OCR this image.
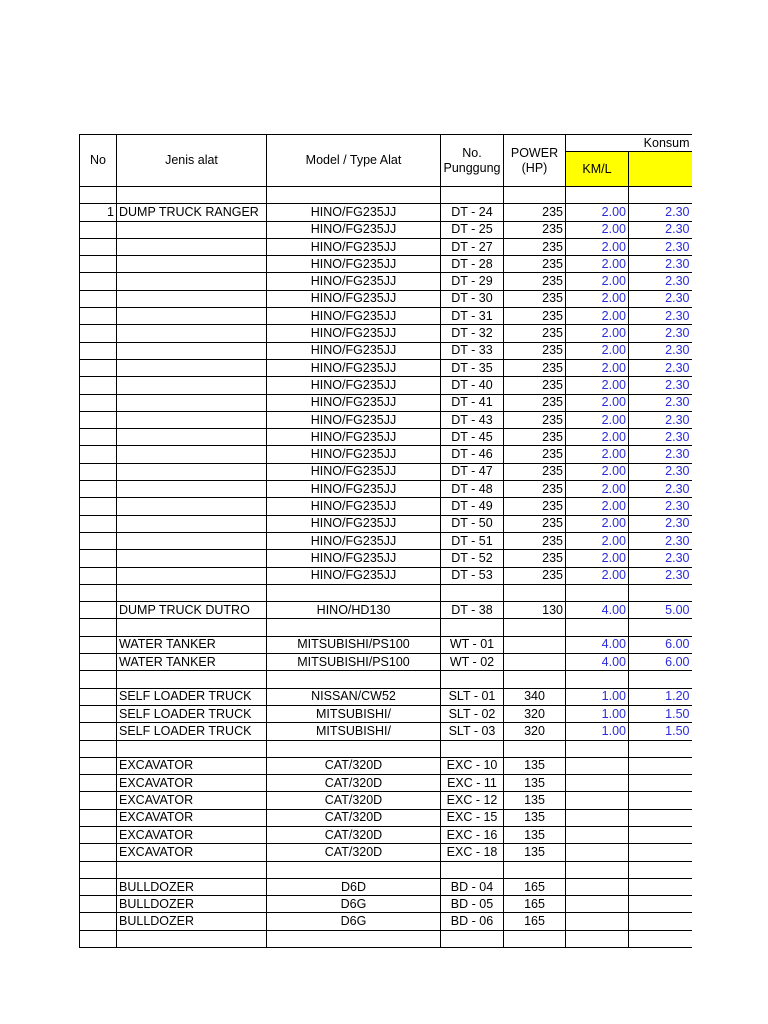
No	Jenis alat	Model / Type Alat	No. Punggung	POWER (HP)	Konsum	
					KM/L	

1	DUMP TRUCK RANGER	HINO/FG235JJ	DT - 24	235	2.00	2.30
		HINO/FG235JJ	DT - 25	235	2.00	2.30
		HINO/FG235JJ	DT - 27	235	2.00	2.30
		HINO/FG235JJ	DT - 28	235	2.00	2.30
		HINO/FG235JJ	DT - 29	235	2.00	2.30
		HINO/FG235JJ	DT - 30	235	2.00	2.30
		HINO/FG235JJ	DT - 31	235	2.00	2.30
		HINO/FG235JJ	DT - 32	235	2.00	2.30
		HINO/FG235JJ	DT - 33	235	2.00	2.30
		HINO/FG235JJ	DT - 35	235	2.00	2.30
		HINO/FG235JJ	DT - 40	235	2.00	2.30
		HINO/FG235JJ	DT - 41	235	2.00	2.30
		HINO/FG235JJ	DT - 43	235	2.00	2.30
		HINO/FG235JJ	DT - 45	235	2.00	2.30
		HINO/FG235JJ	DT - 46	235	2.00	2.30
		HINO/FG235JJ	DT - 47	235	2.00	2.30
		HINO/FG235JJ	DT - 48	235	2.00	2.30
		HINO/FG235JJ	DT - 49	235	2.00	2.30
		HINO/FG235JJ	DT - 50	235	2.00	2.30
		HINO/FG235JJ	DT - 51	235	2.00	2.30
		HINO/FG235JJ	DT - 52	235	2.00	2.30
		HINO/FG235JJ	DT - 53	235	2.00	2.30

	DUMP TRUCK DUTRO	HINO/HD130	DT - 38	130	4.00	5.00

	WATER TANKER	MITSUBISHI/PS100	WT - 01		4.00	6.00
	WATER TANKER	MITSUBISHI/PS100	WT - 02		4.00	6.00

	SELF LOADER TRUCK	NISSAN/CW52	SLT - 01	340	1.00	1.20
	SELF LOADER TRUCK	MITSUBISHI/	SLT - 02	320	1.00	1.50
	SELF LOADER TRUCK	MITSUBISHI/	SLT - 03	320	1.00	1.50

	EXCAVATOR	CAT/320D	EXC - 10	135		
	EXCAVATOR	CAT/320D	EXC - 11	135		
	EXCAVATOR	CAT/320D	EXC - 12	135		
	EXCAVATOR	CAT/320D	EXC - 15	135		
	EXCAVATOR	CAT/320D	EXC - 16	135		
	EXCAVATOR	CAT/320D	EXC - 18	135		

	BULLDOZER	D6D	BD - 04	165		
	BULLDOZER	D6G	BD - 05	165		
	BULLDOZER	D6G	BD - 06	165		
